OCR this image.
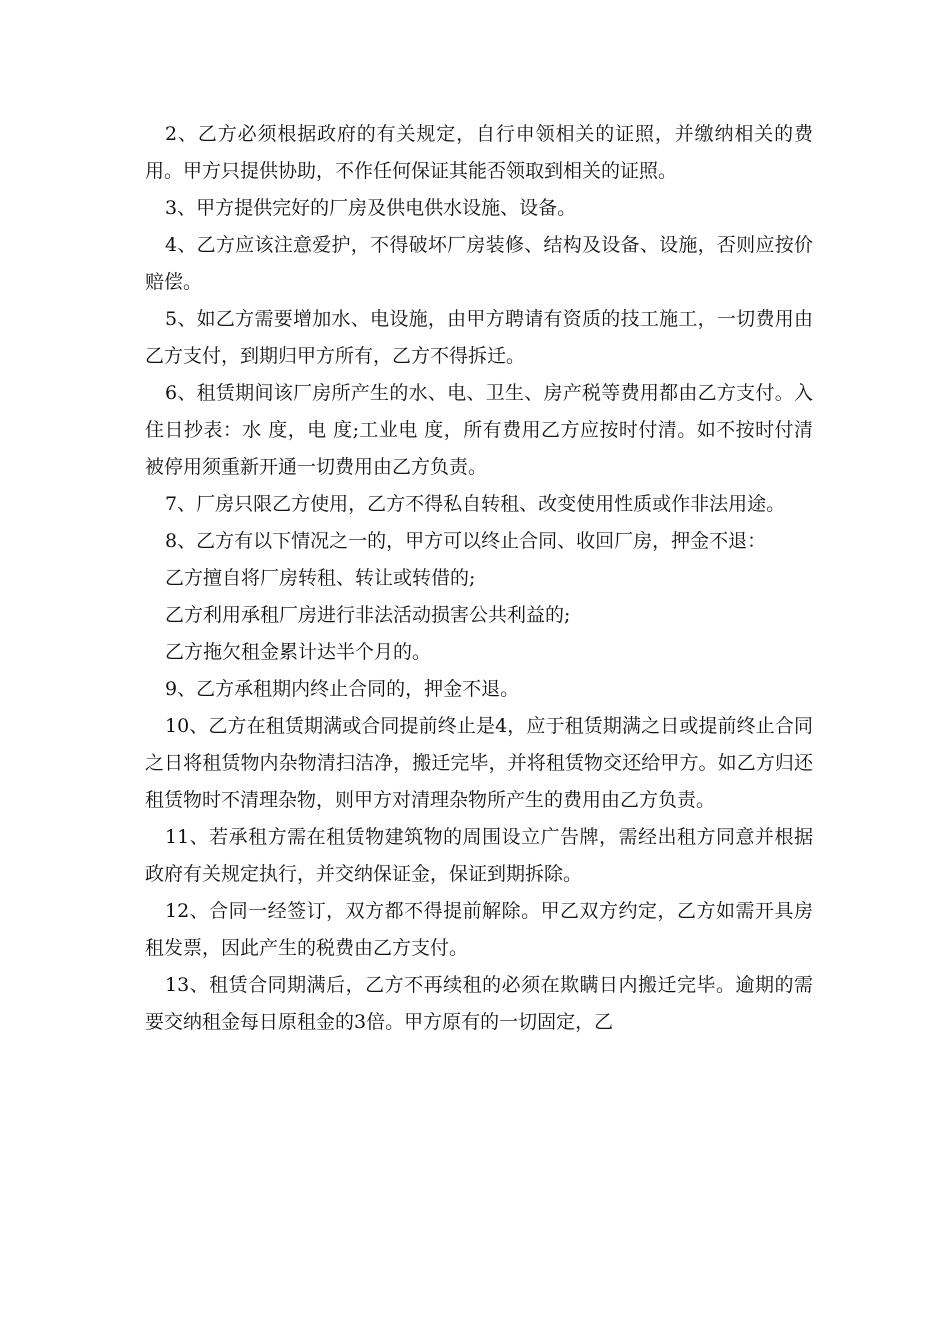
2、乙方必须根据政府的有关规定，自行申领相关的证照，并缴纳相关的费用。甲方只提供协助，不作任何保证其能否领取到相关的证照。

3、甲方提供完好的厂房及供电供水设施、设备。

4、乙方应该注意爱护，不得破坏厂房装修、结构及设备、设施，否则应按价赔偿。

5、如乙方需要增加水、电设施，由甲方聘请有资质的技工施工，一切费用由乙方支付，到期归甲方所有，乙方不得拆迁。

6、租赁期间该厂房所产生的水、电、卫生、房产税等费用都由乙方支付。入住日抄表：水 度，电 度;工业电 度，所有费用乙方应按时付清。如不按时付清被停用须重新开通一切费用由乙方负责。

7、厂房只限乙方使用，乙方不得私自转租、改变使用性质或作非法用途。

8、乙方有以下情况之一的，甲方可以终止合同、收回厂房，押金不退：

乙方擅自将厂房转租、转让或转借的;

乙方利用承租厂房进行非法活动损害公共利益的;

乙方拖欠租金累计达半个月的。

9、乙方承租期内终止合同的，押金不退。

10、乙方在租赁期满或合同提前终止是4，应于租赁期满之日或提前终止合同之日将租赁物内杂物清扫洁净，搬迁完毕，并将租赁物交还给甲方。如乙方归还租赁物时不清理杂物，则甲方对清理杂物所产生的费用由乙方负责。

11、若承租方需在租赁物建筑物的周围设立广告牌，需经出租方同意并根据政府有关规定执行，并交纳保证金，保证到期拆除。

12、合同一经签订，双方都不得提前解除。甲乙双方约定，乙方如需开具房租发票，因此产生的税费由乙方支付。

13、租赁合同期满后，乙方不再续租的必须在欺瞒日内搬迁完毕。逾期的需要交纳租金每日原租金的3倍。甲方原有的一切固定，乙
